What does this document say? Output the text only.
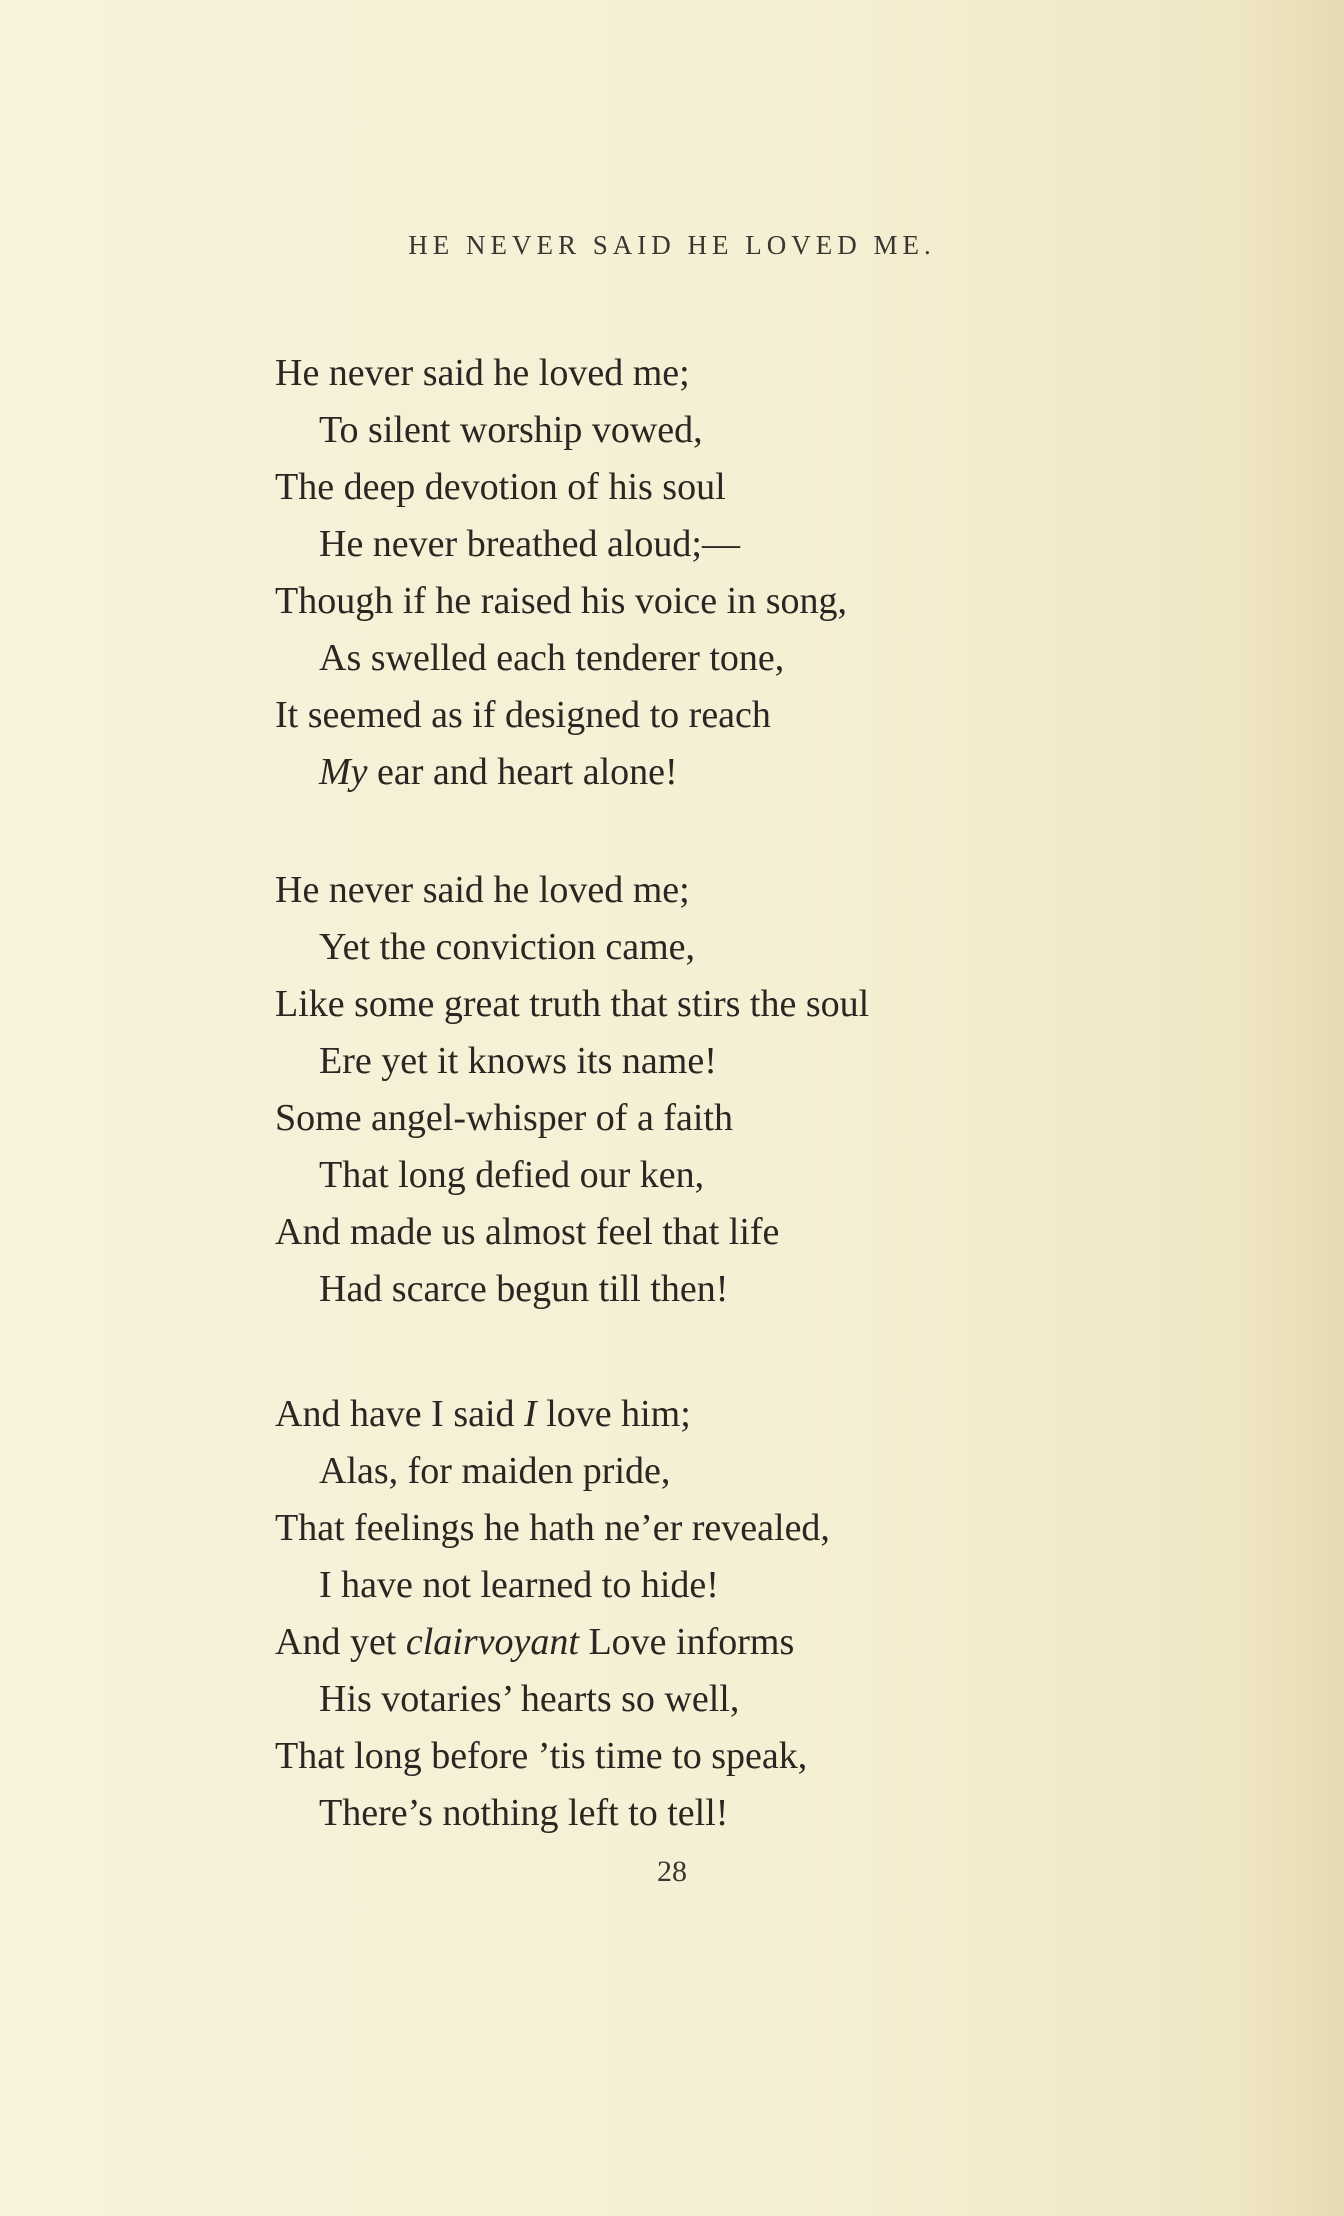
HE NEVER SAID HE LOVED ME.
He never said he loved me;
To silent worship vowed,
The deep devotion of his soul
He never breathed aloud;—
Though if he raised his voice in song,
As swelled each tenderer tone,
It seemed as if designed to reach
My ear and heart alone!
He never said he loved me;
Yet the conviction came,
Like some great truth that stirs the soul
Ere yet it knows its name!
Some angel-whisper of a faith
That long defied our ken,
And made us almost feel that life
Had scarce begun till then!
And have I said I love him;
Alas, for maiden pride,
That feelings he hath ne’er revealed,
I have not learned to hide!
And yet clairvoyant Love informs
His votaries’ hearts so well,
That long before ’tis time to speak,
There’s nothing left to tell!
28
